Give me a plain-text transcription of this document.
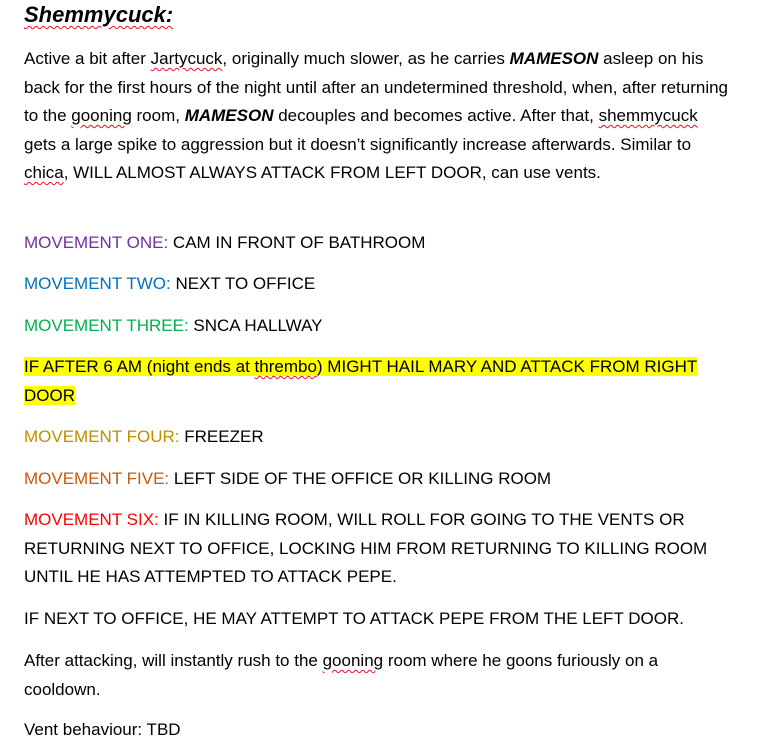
Shemmycuck:

Active a bit after Jartycuck, originally much slower, as he carries MAMESON asleep on his back for the first hours of the night until after an undetermined threshold, when, after returning to the gooning room, MAMESON decouples and becomes active. After that, shemmycuck gets a large spike to aggression but it doesn’t significantly increase afterwards. Similar to chica, WILL ALMOST ALWAYS ATTACK FROM LEFT DOOR, can use vents.

MOVEMENT ONE: CAM IN FRONT OF BATHROOM

MOVEMENT TWO: NEXT TO OFFICE

MOVEMENT THREE: SNCA HALLWAY

IF AFTER 6 AM (night ends at thrembo) MIGHT HAIL MARY AND ATTACK FROM RIGHT DOOR

MOVEMENT FOUR: FREEZER

MOVEMENT FIVE: LEFT SIDE OF THE OFFICE OR KILLING ROOM

MOVEMENT SIX: IF IN KILLING ROOM, WILL ROLL FOR GOING TO THE VENTS OR RETURNING NEXT TO OFFICE, LOCKING HIM FROM RETURNING TO KILLING ROOM UNTIL HE HAS ATTEMPTED TO ATTACK PEPE.

IF NEXT TO OFFICE, HE MAY ATTEMPT TO ATTACK PEPE FROM THE LEFT DOOR.

After attacking, will instantly rush to the gooning room where he goons furiously on a cooldown.

Vent behaviour: TBD
